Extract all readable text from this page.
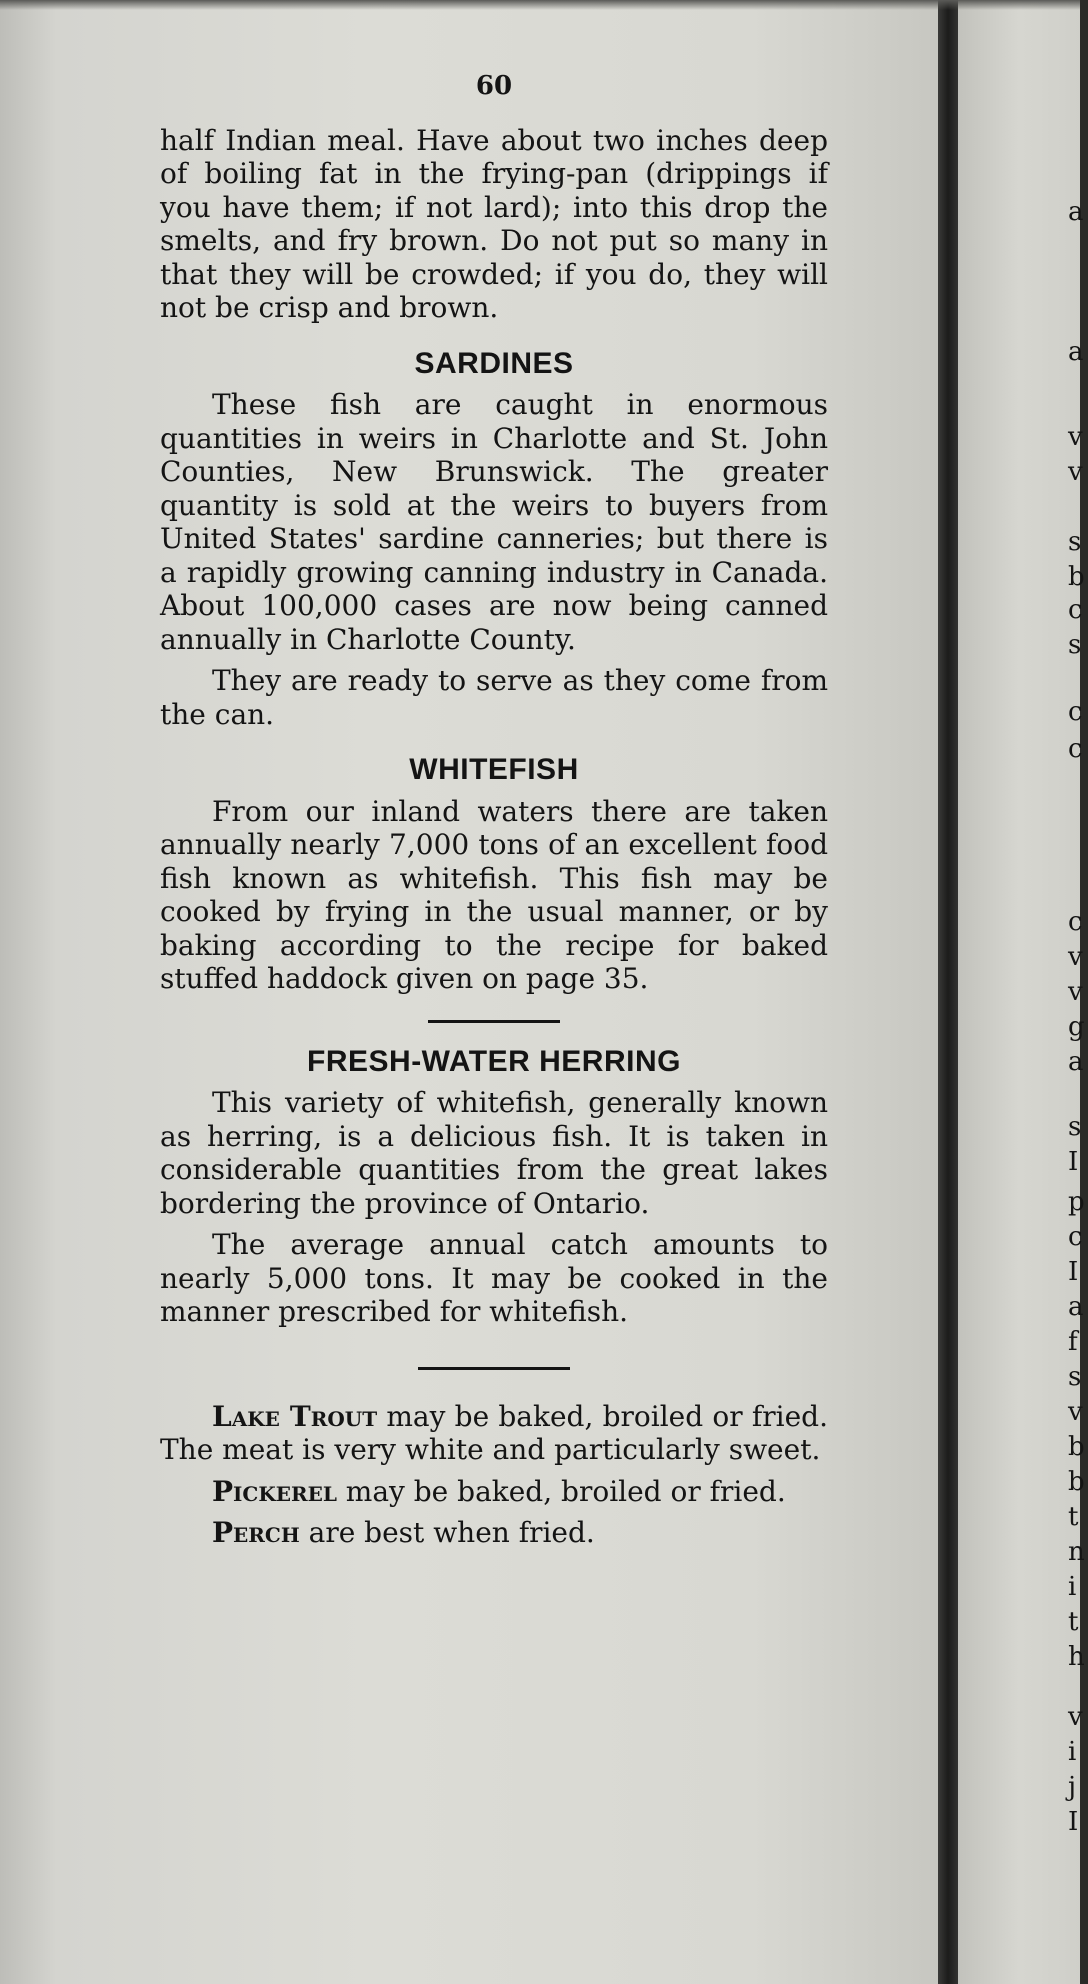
60

half Indian meal. Have about two inches deep of boiling fat in the frying-pan (drippings if you have them; if not lard); into this drop the smelts, and fry brown. Do not put so many in that they will be crowded; if you do, they will not be crisp and brown.

SARDINES

These fish are caught in enormous quantities in weirs in Charlotte and St. John Counties, New Brunswick. The greater quantity is sold at the weirs to buyers from United States' sardine canneries; but there is a rapidly growing canning industry in Canada. About 100,000 cases are now being canned annually in Charlotte County.

They are ready to serve as they come from the can.

WHITEFISH

From our inland waters there are taken annually nearly 7,000 tons of an excellent food fish known as whitefish. This fish may be cooked by frying in the usual manner, or by baking according to the recipe for baked stuffed haddock given on page 35.

FRESH-WATER HERRING

This variety of whitefish, generally known as herring, is a delicious fish. It is taken in considerable quantities from the great lakes bordering the province of Ontario.

The average annual catch amounts to nearly 5,000 tons. It may be cooked in the manner prescribed for whitefish.

Lake Trout may be baked, broiled or fried. The meat is very white and particularly sweet.

Pickerel may be baked, broiled or fried.

Perch are best when fried.

a
a
v
v
s
b
c
s
c
c
c
v
v
g
a
s
I
p
c
I
a
f
s
v
b
b
t
n
i
t
h
v
i
j
I
